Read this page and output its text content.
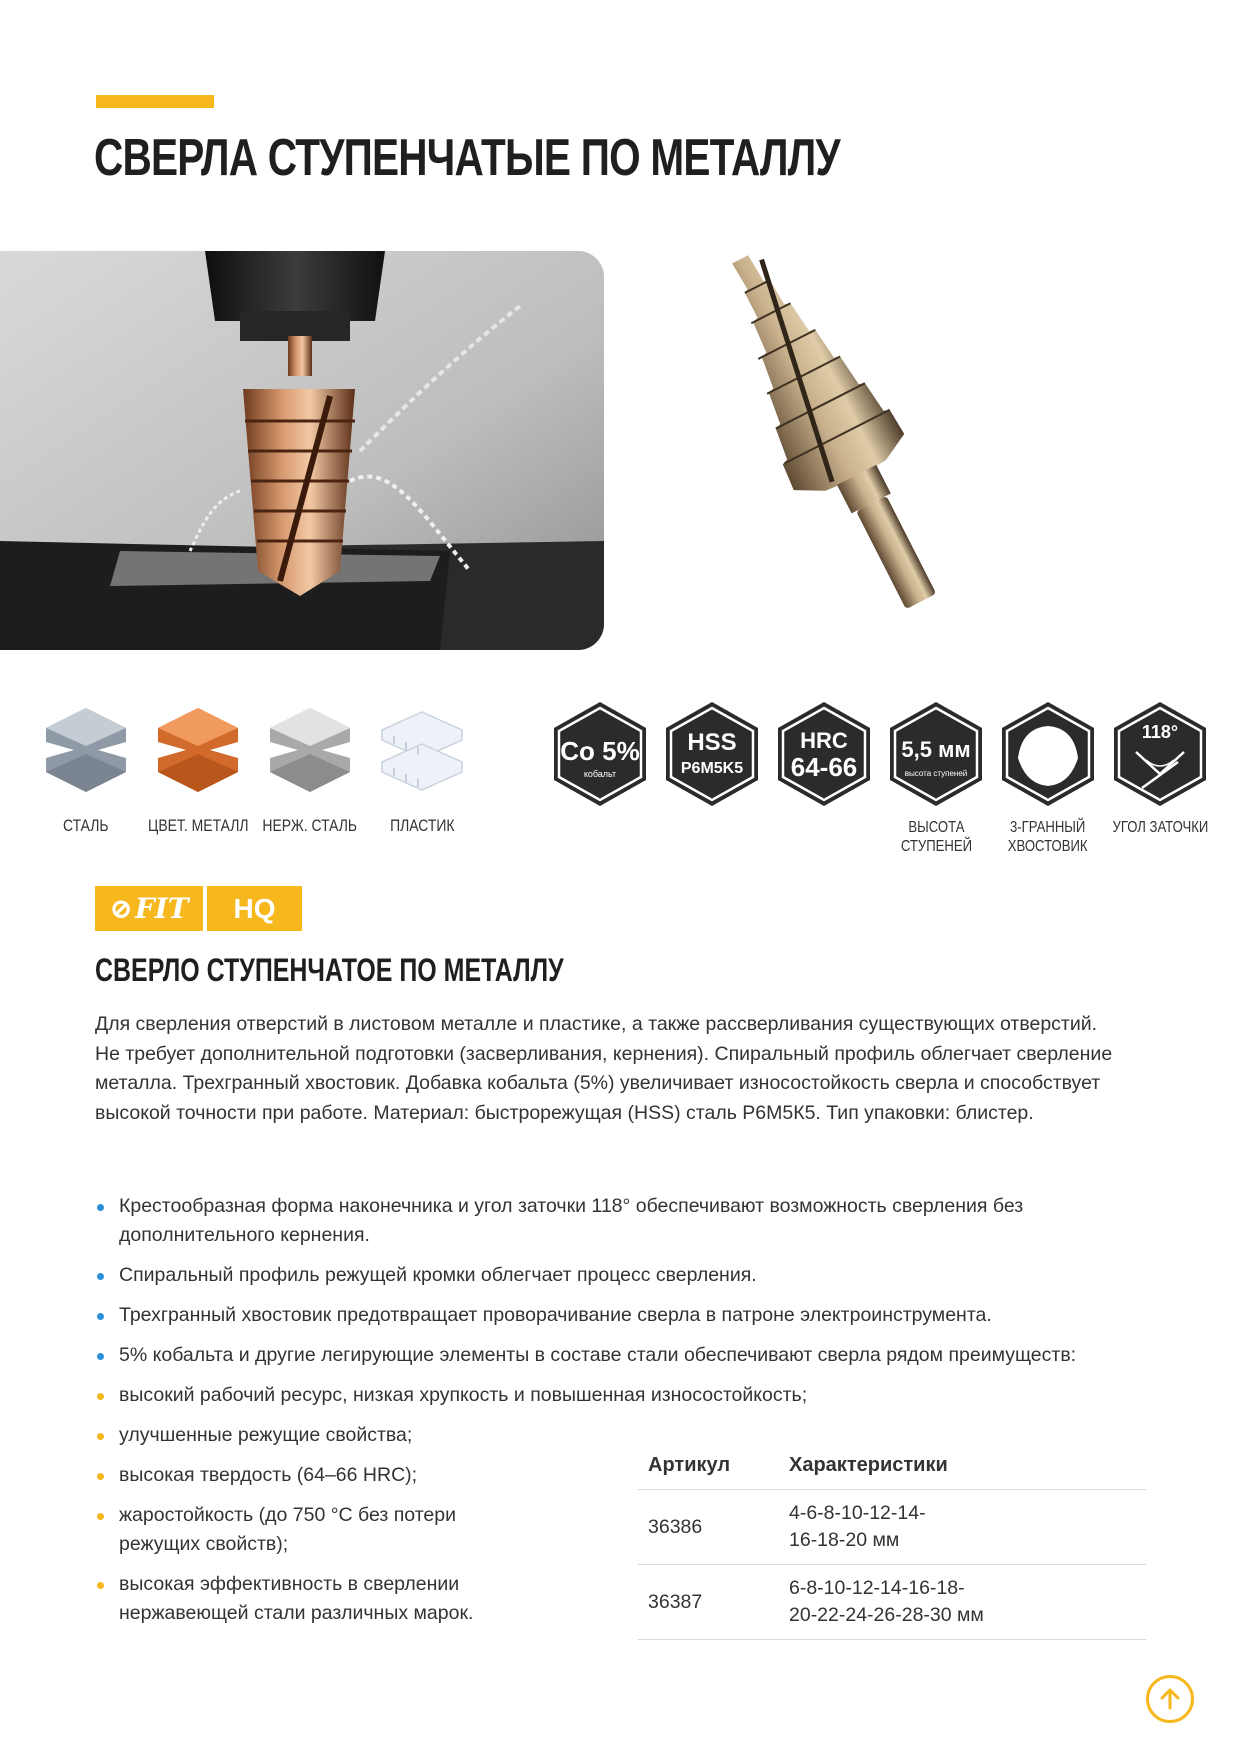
СВЕРЛА СТУПЕНЧАТЫЕ ПО МЕТАЛЛУ
СТАЛЬ ЦВЕТ. МЕТАЛЛ НЕРЖ. СТАЛЬ ПЛАСТИК
Co 5%
кобальт
HSS
P6M5K5
HRC
64-66
5,5 мм
высота ступеней
ВЫСОТА
СТУПЕНЕЙ
3-ГРАННЫЙ
ХВОСТОВИК
118°
УГОЛ ЗАТОЧКИ
⊘ FIT	HQ
СВЕРЛО СТУПЕНЧАТОЕ ПО МЕТАЛЛУ

Для сверления отверстий в листовом металле и пластике, а также рассверливания существующих отверстий. Не требует дополнительной подготовки (засверливания, кернения). Спиральный профиль облегчает сверление металла. Трехгранный хвостовик. Добавка кобальта (5%) увеличивает износостойкость сверла и способствует высокой точности при работе. Материал: быстрорежущая (HSS) сталь Р6М5К5. Тип упаковки: блистер.

Крестообразная форма наконечника и угол заточки 118° обеспечивают возможность сверления без дополнительного кернения.
Спиральный профиль режущей кромки облегчает процесс сверления.
Трехгранный хвостовик предотвращает проворачивание сверла в патроне электроинструмента.
5% кобальта и другие легирующие элементы в составе стали обеспечивают сверла рядом преимуществ:
высокий рабочий ресурс, низкая хрупкость и повышенная износостойкость;
улучшенные режущие свойства;
высокая твердость (64–66 HRC);
жаростойкость (до 750 °С без потери режущих свойств);
высокая эффективность в сверлении нержавеющей стали различных марок.
Артикул	Характеристики
36386	4-6-8-10-12-14-
16-18-20 мм

36387	6-8-10-12-14-16-18-
20-22-24-26-28-30 мм
